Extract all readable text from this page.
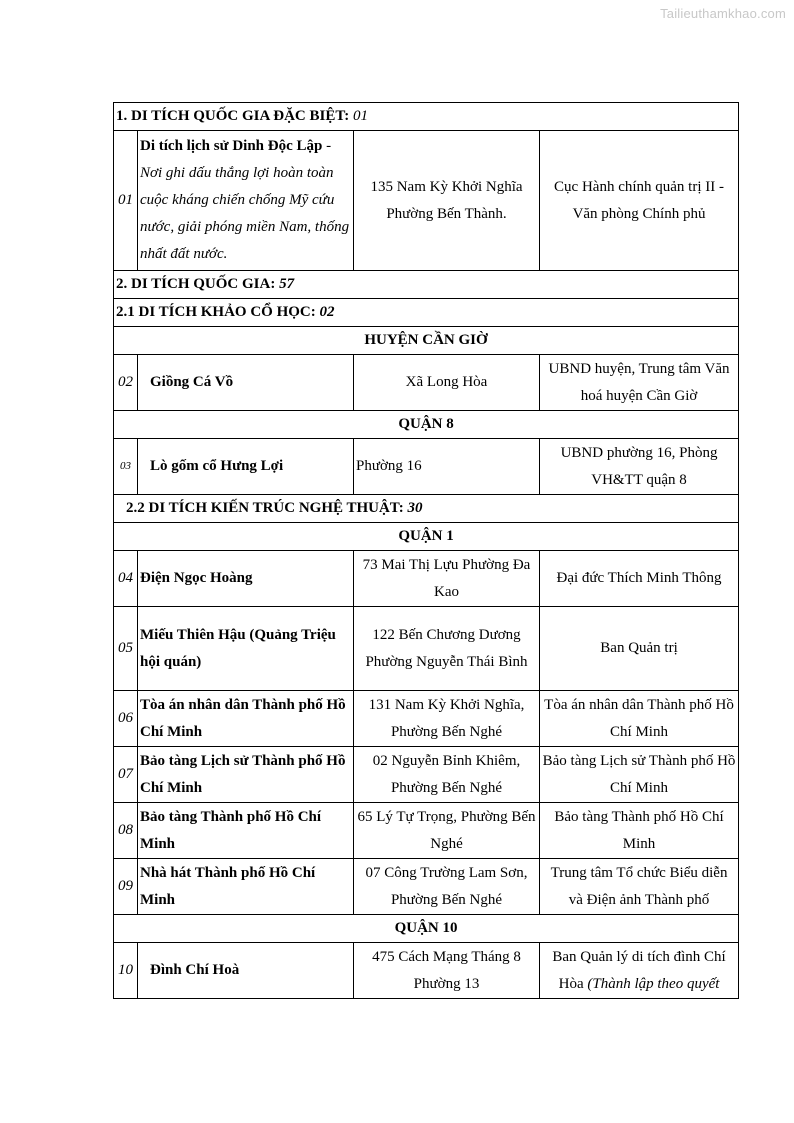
Tailieuthamkhao.com
1. DI TÍCH QUỐC GIA ĐẶC BIỆT: 01			
01	Di tích lịch sử Dinh Độc Lập - Nơi ghi dấu thắng lợi hoàn toàn cuộc kháng chiến chống Mỹ cứu nước, giải phóng miền Nam, thống nhất đất nước.	135 Nam Kỳ Khởi Nghĩa Phường Bến Thành.	Cục Hành chính quản trị II - Văn phòng Chính phủ
2. DI TÍCH QUỐC GIA: 57			
2.1 DI TÍCH KHẢO CỔ HỌC: 02			
HUYỆN CẦN GIỜ			
02	Giồng Cá Vồ	Xã Long Hòa	UBND huyện, Trung tâm Văn hoá huyện Cần Giờ
QUẬN 8			
03	Lò gốm cổ Hưng Lợi	Phường 16	UBND phường 16, Phòng VH&TT quận 8
2.2 DI TÍCH KIẾN TRÚC NGHỆ THUẬT: 30			
QUẬN 1			
04	Điện Ngọc Hoàng	73 Mai Thị Lựu Phường Đa Kao	Đại đức Thích Minh Thông
05	Miếu Thiên Hậu (Quảng Triệu hội quán)	122 Bến Chương Dương Phường Nguyễn Thái Bình	Ban Quản trị
06	Tòa án nhân dân Thành phố Hồ Chí Minh	131 Nam Kỳ Khởi Nghĩa, Phường Bến Nghé	Tòa án nhân dân Thành phố Hồ Chí Minh
07	Bảo tàng Lịch sử Thành phố Hồ Chí Minh	02 Nguyễn Bỉnh Khiêm, Phường Bến Nghé	Bảo tàng Lịch sử Thành phố Hồ Chí Minh
08	Bảo tàng Thành phố Hồ Chí Minh	65 Lý Tự Trọng, Phường Bến Nghé	Bảo tàng Thành phố Hồ Chí Minh
09	Nhà hát Thành phố Hồ Chí Minh	07 Công Trường Lam Sơn, Phường Bến Nghé	Trung tâm Tổ chức Biểu diễn và Điện ảnh Thành phố
QUẬN 10			
10	Đình Chí Hoà	475 Cách Mạng Tháng 8 Phường 13	Ban Quản lý di tích đình Chí Hòa (Thành lập theo quyết
